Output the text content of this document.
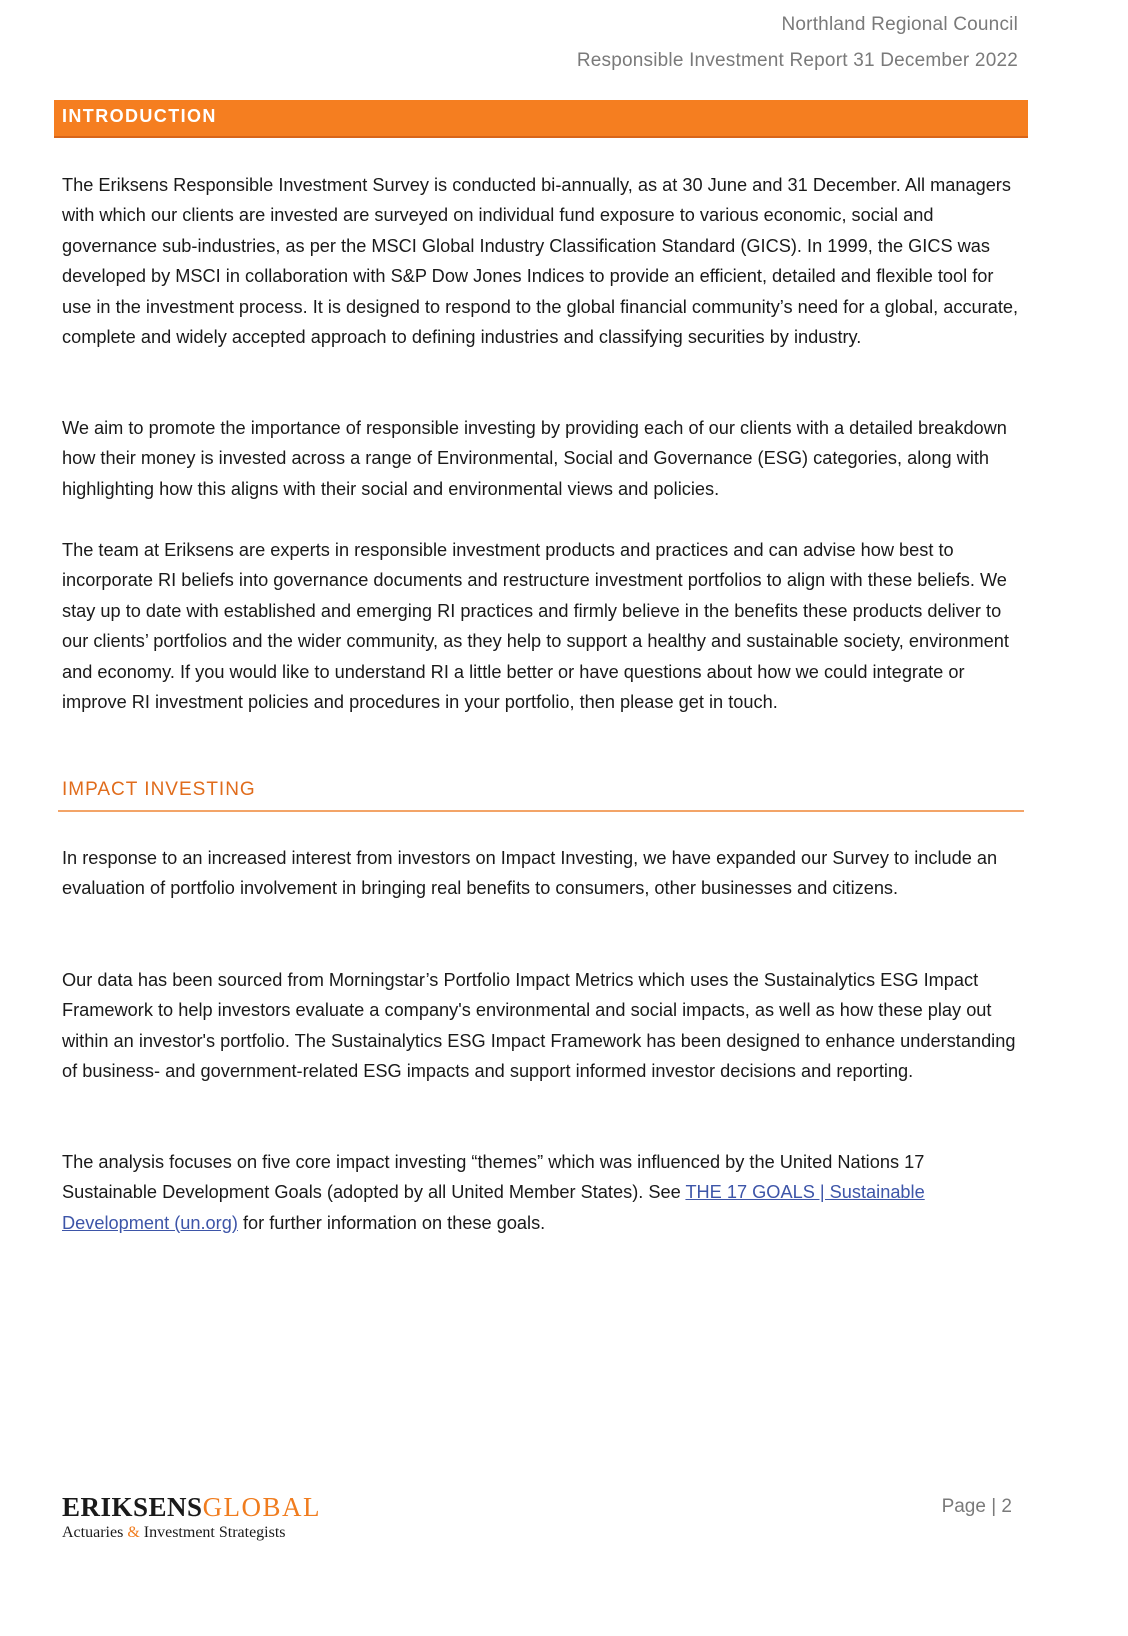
Northland Regional Council
Responsible Investment Report 31 December 2022
INTRODUCTION

The Eriksens Responsible Investment Survey is conducted bi-annually, as at 30 June and 31 December. All managers with which our clients are invested are surveyed on individual fund exposure to various economic, social and governance sub-industries, as per the MSCI Global Industry Classification Standard (GICS). In 1999, the GICS was developed by MSCI in collaboration with S&P Dow Jones Indices to provide an efficient, detailed and flexible tool for use in the investment process. It is designed to respond to the global financial community’s need for a global, accurate, complete and widely accepted approach to defining industries and classifying securities by industry.

We aim to promote the importance of responsible investing by providing each of our clients with a detailed breakdown how their money is invested across a range of Environmental, Social and Governance (ESG) categories, along with highlighting how this aligns with their social and environmental views and policies.

The team at Eriksens are experts in responsible investment products and practices and can advise how best to incorporate RI beliefs into governance documents and restructure investment portfolios to align with these beliefs. We stay up to date with established and emerging RI practices and firmly believe in the benefits these products deliver to our clients’ portfolios and the wider community, as they help to support a healthy and sustainable society, environment and economy. If you would like to understand RI a little better or have questions about how we could integrate or improve RI investment policies and procedures in your portfolio, then please get in touch.

IMPACT INVESTING

In response to an increased interest from investors on Impact Investing, we have expanded our Survey to include an evaluation of portfolio involvement in bringing real benefits to consumers, other businesses and citizens.

Our data has been sourced from Morningstar’s Portfolio Impact Metrics which uses the Sustainalytics ESG Impact Framework to help investors evaluate a company's environmental and social impacts, as well as how these play out within an investor's portfolio. The Sustainalytics ESG Impact Framework has been designed to enhance understanding of business- and government-related ESG impacts and support informed investor decisions and reporting.

The analysis focuses on five core impact investing “themes” which was influenced by the United Nations 17 Sustainable Development Goals (adopted by all United Member States). See THE 17 GOALS | Sustainable Development (un.org) for further information on these goals.

ERIKSENSGLOBAL
Actuaries & Investment Strategists
Page | 2
